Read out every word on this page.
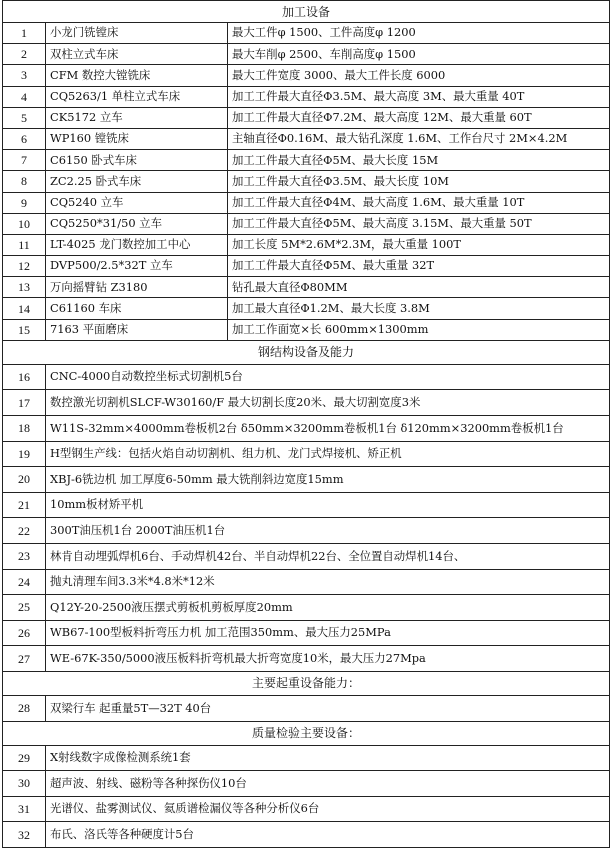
加工设备		
1	小龙门铣镗床	最大工件φ 1500、工件高度φ 1200
2	双柱立式车床	最大车削φ 2500、车削高度φ 1500
3	CFM 数控大镗铣床	最大工件宽度 3000、最大工件长度 6000
4	CQ5263/1 单柱立式车床	加工工件最大直径Φ3.5M、最大高度 3M、最大重量 40T
5	CK5172 立车	加工工件最大直径Φ7.2M、最大高度 12M、最大重量 60T
6	WP160 镗铣床	主轴直径Φ0.16M、最大钻孔深度 1.6M、工作台尺寸 2M×4.2M
7	C6150 卧式车床	加工工件最大直径Φ5M、最大长度 15M
8	ZC2.25 卧式车床	加工工件最大直径Φ3.5M、最大长度 10M
9	CQ5240 立车	加工工件最大直径Φ4M、最大高度 1.6M、最大重量 10T
10	CQ5250*31/50 立车	加工工件最大直径Φ5M、最大高度 3.15M、最大重量 50T
11	LT-4025 龙门数控加工中心	加工长度 5M*2.6M*2.3M，最大重量 100T
12	DVP500/2.5*32T 立车	加工工件最大直径Φ5M、最大重量 32T
13	万向摇臂钻 Z3180	钻孔最大直径Φ80MM
14	C61160 车床	加工最大直径Φ1.2M、最大长度 3.8M
15	7163 平面磨床	加工工作面宽×长 600mm×1300mm
钢结构设备及能力		
16	CNC-4000自动数控坐标式切割机5台	
17	数控激光切割机SLCF-W30160/F 最大切割长度20米、最大切割宽度3米	
18	W11S-32mm×4000mm卷板机2台 δ50mm×3200mm卷板机1台 δ120mm×3200mm卷板机1台	
19	H型钢生产线：包括火焰自动切割机、组力机、龙门式焊接机、矫正机	
20	XBJ-6铣边机 加工厚度6-50mm 最大铣削斜边宽度15mm	
21	10mm板材矫平机	
22	300T油压机1台 2000T油压机1台	
23	林肯自动埋弧焊机6台、手动焊机42台、半自动焊机22台、全位置自动焊机14台、	
24	抛丸清理车间3.3米*4.8米*12米	
25	Q12Y-20-2500液压摆式剪板机剪板厚度20mm	
26	WB67-100型板料折弯压力机 加工范围350mm、最大压力25MPa	
27	WE-67K-350/5000液压板料折弯机最大折弯宽度10米，最大压力27Mpa	
主要起重设备能力：		
28	双梁行车 起重量5T—32T 40台	
质量检验主要设备：		
29	X射线数字成像检测系统1套	
30	超声波、射线、磁粉等各种探伤仪10台	
31	光谱仪、盐雾测试仪、氦质谱检漏仪等各种分析仪6台	
32	布氏、洛氏等各种硬度计5台	
